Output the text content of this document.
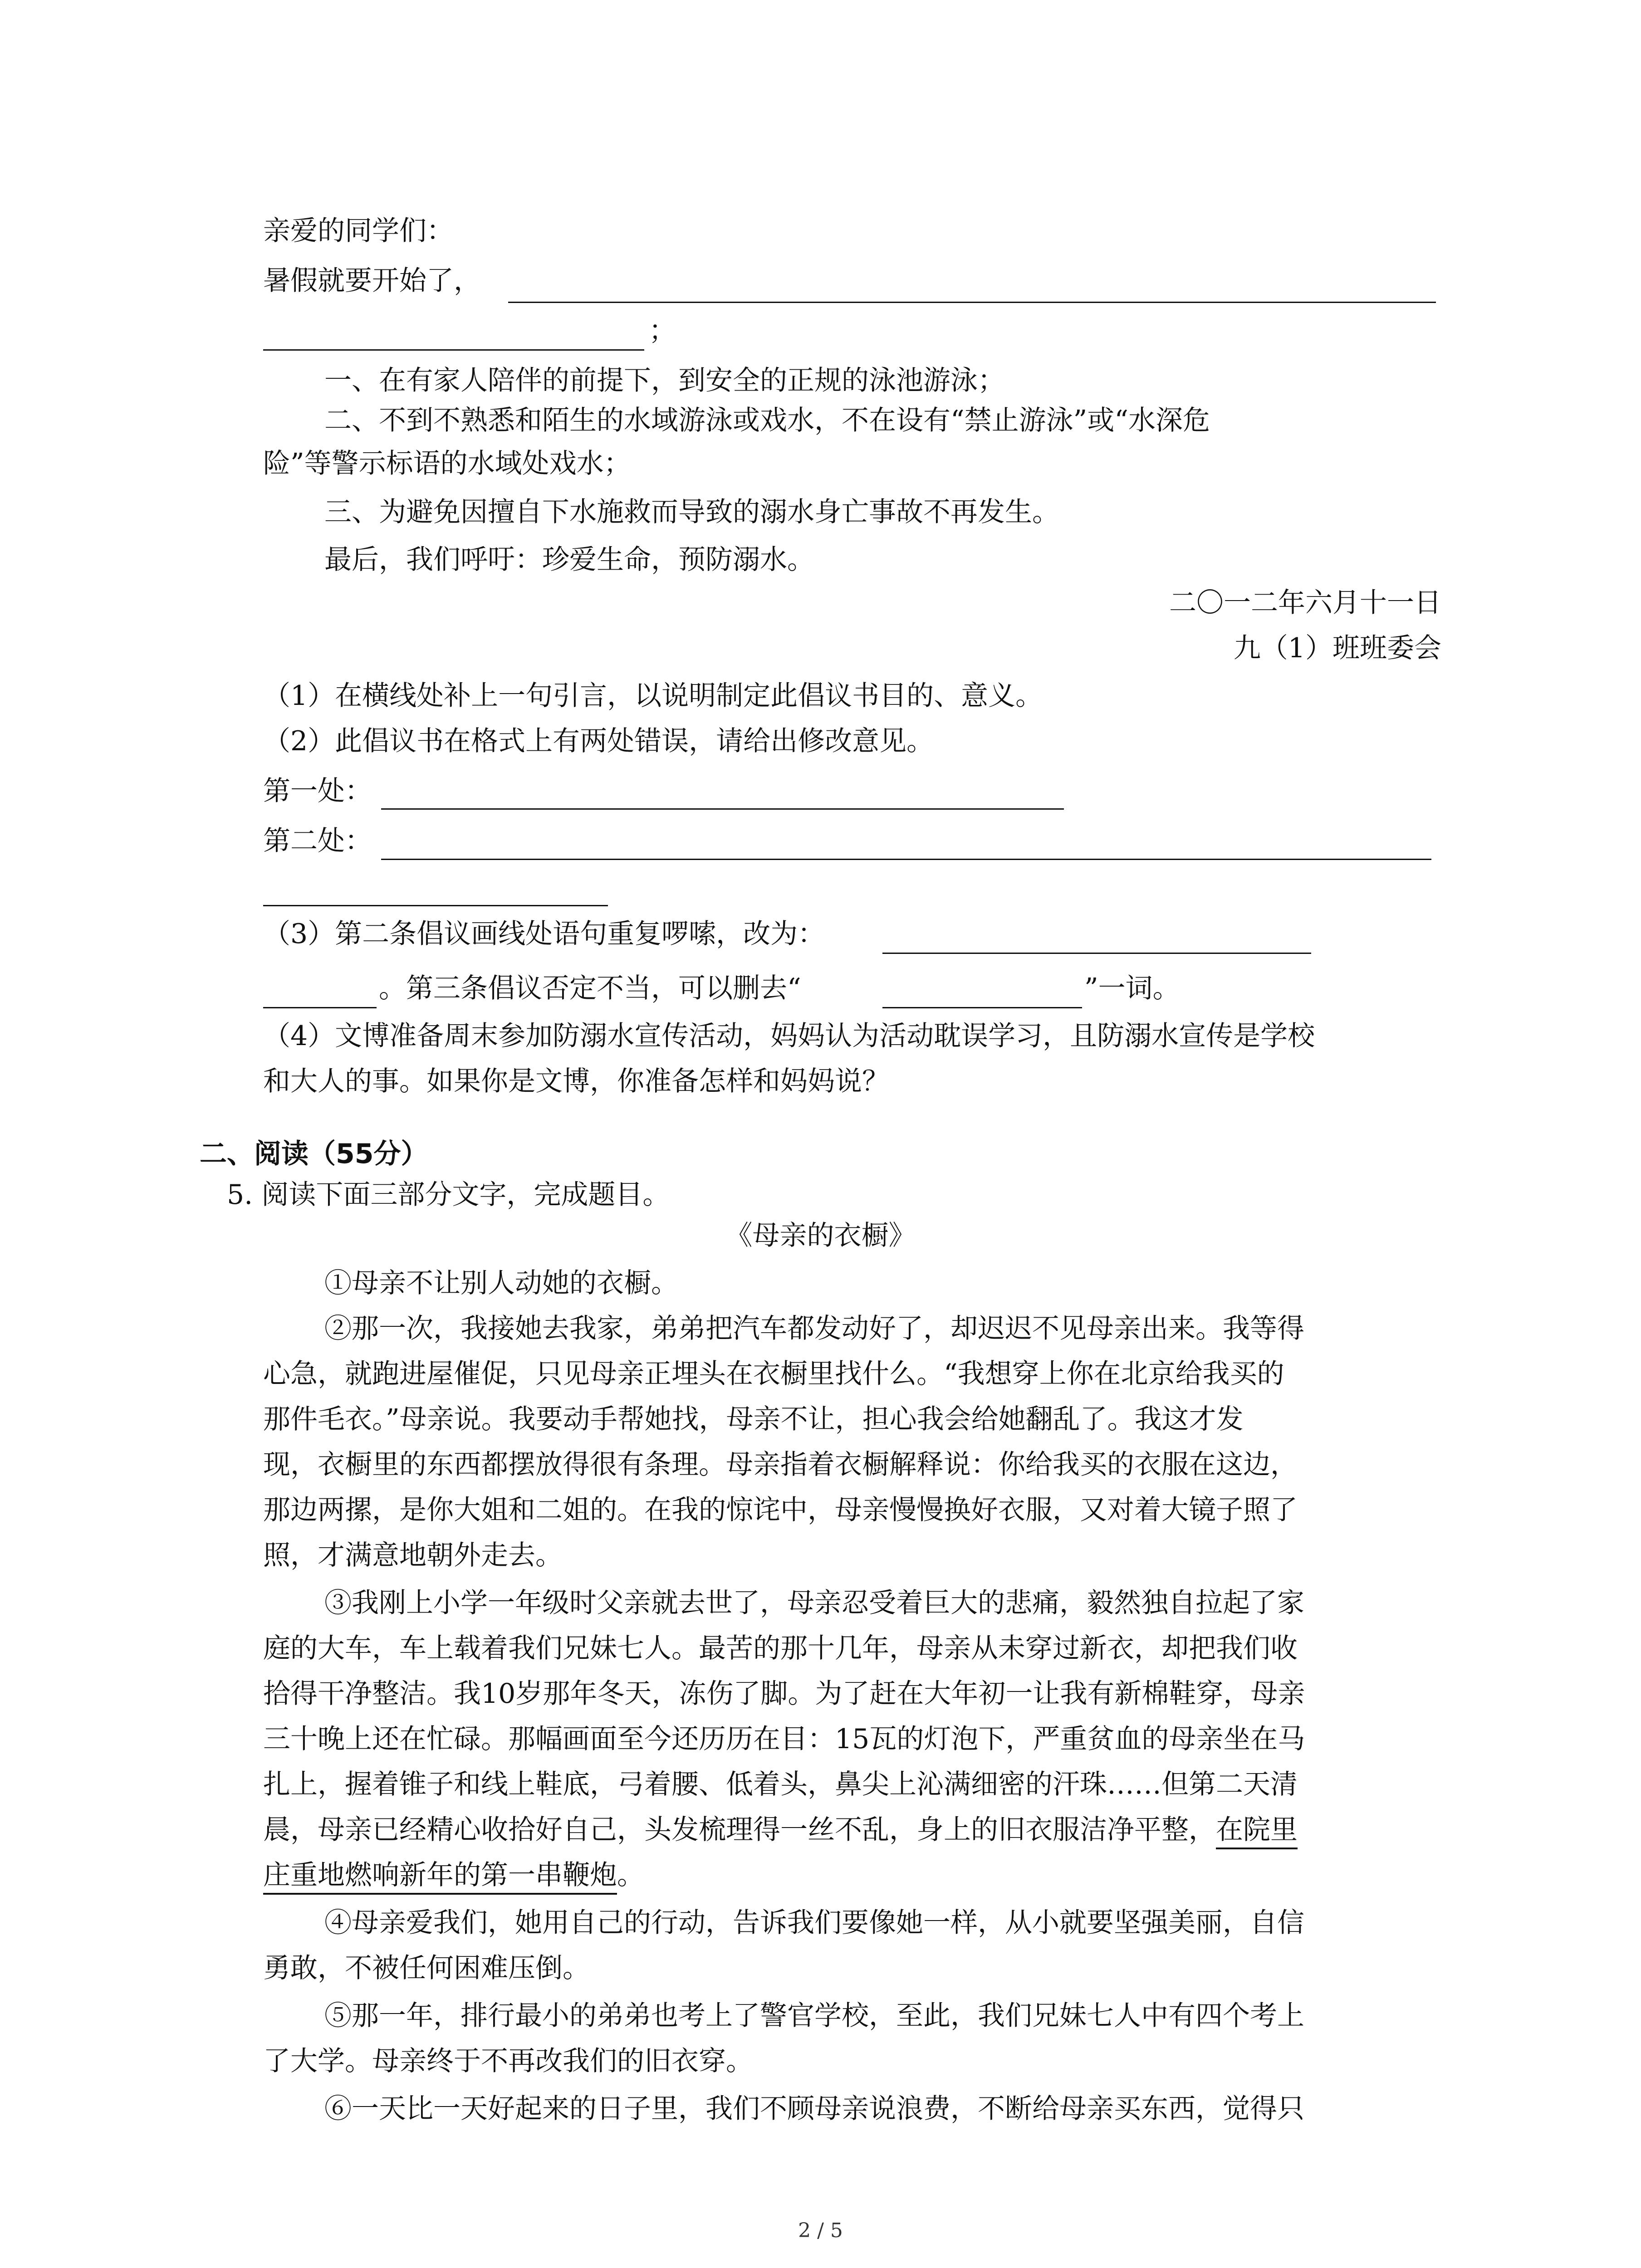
亲爱的同学们：
暑假就要开始了，
；
一、在有家人陪伴的前提下，到安全的正规的泳池游泳；
二、不到不熟悉和陌生的水域游泳或戏水，不在设有“禁止游泳”或“水深危
险”等警示标语的水域处戏水；
三、为避免因擅自下水施救而导致的溺水身亡事故不再发生。
最后，我们呼吁：珍爱生命，预防溺水。
二〇一二年六月十一日
九（1）班班委会
（1）在横线处补上一句引言，以说明制定此倡议书目的、意义。
（2）此倡议书在格式上有两处错误，请给出修改意见。
第一处：
第二处：
（3）第二条倡议画线处语句重复啰嗦，改为：
。第三条倡议否定不当，可以删去“	”一词。
（4）文博准备周末参加防溺水宣传活动，妈妈认为活动耽误学习，且防溺水宣传是学校
和大人的事。如果你是文博，你准备怎样和妈妈说？
二、阅读（55分）
5. 阅读下面三部分文字，完成题目。
《母亲的衣橱》
①母亲不让别人动她的衣橱。
②那一次，我接她去我家，弟弟把汽车都发动好了，却迟迟不见母亲出来。我等得
心急，就跑进屋催促，只见母亲正埋头在衣橱里找什么。“我想穿上你在北京给我买的
那件毛衣。”母亲说。我要动手帮她找，母亲不让，担心我会给她翻乱了。我这才发
现，衣橱里的东西都摆放得很有条理。母亲指着衣橱解释说：你给我买的衣服在这边，
那边两摞，是你大姐和二姐的。在我的惊诧中，母亲慢慢换好衣服，又对着大镜子照了
照，才满意地朝外走去。
③我刚上小学一年级时父亲就去世了，母亲忍受着巨大的悲痛，毅然独自拉起了家
庭的大车，车上载着我们兄妹七人。最苦的那十几年，母亲从未穿过新衣，却把我们收
拾得干净整洁。我10岁那年冬天，冻伤了脚。为了赶在大年初一让我有新棉鞋穿，母亲
三十晚上还在忙碌。那幅画面至今还历历在目：15瓦的灯泡下，严重贫血的母亲坐在马
扎上，握着锥子和线上鞋底，弓着腰、低着头，鼻尖上沁满细密的汗珠……但第二天清
晨，母亲已经精心收拾好自己，头发梳理得一丝不乱，身上的旧衣服洁净平整，在院里
庄重地燃响新年的第一串鞭炮。
④母亲爱我们，她用自己的行动，告诉我们要像她一样，从小就要坚强美丽，自信
勇敢，不被任何困难压倒。
⑤那一年，排行最小的弟弟也考上了警官学校，至此，我们兄妹七人中有四个考上
了大学。母亲终于不再改我们的旧衣穿。
⑥一天比一天好起来的日子里，我们不顾母亲说浪费，不断给母亲买东西，觉得只
2 / 5
